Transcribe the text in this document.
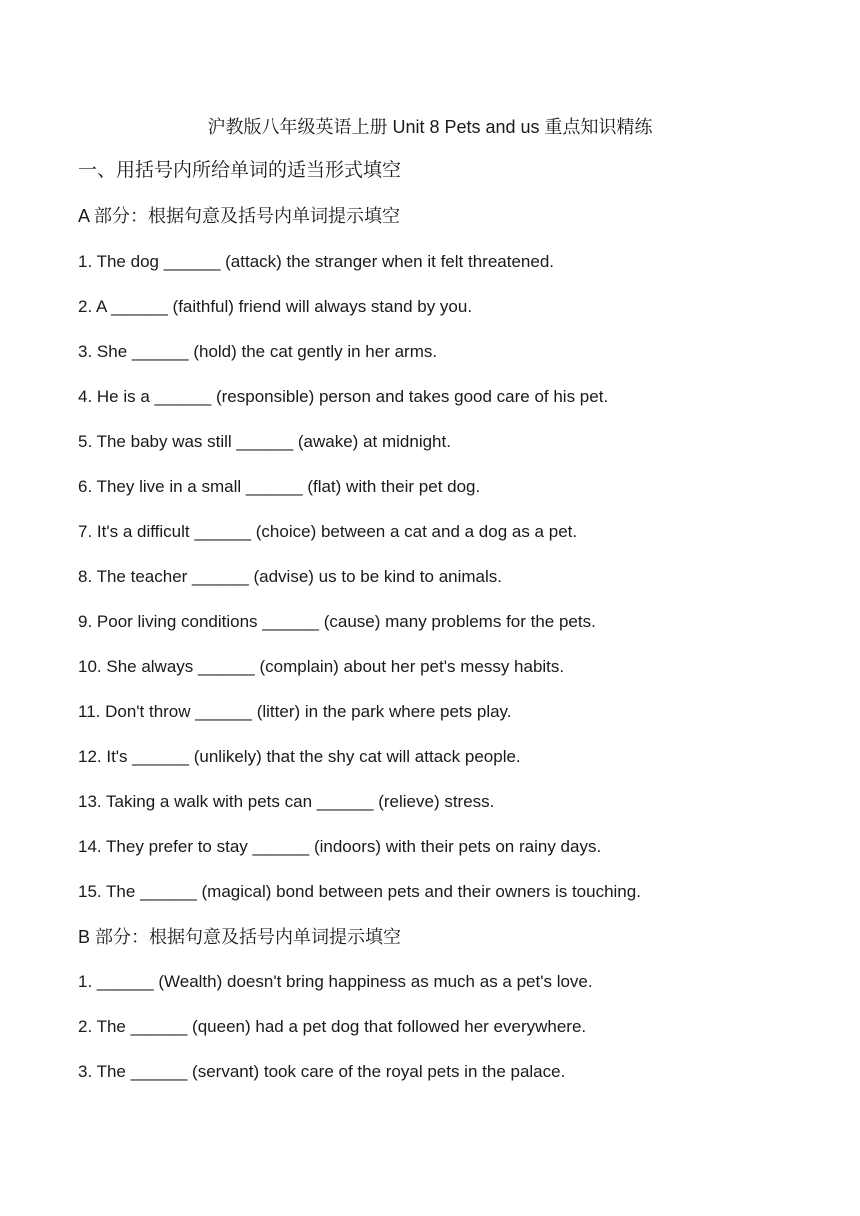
沪教版八年级英语上册 Unit 8 Pets and us 重点知识精练
一、用括号内所给单词的适当形式填空
A 部分：根据句意及括号内单词提示填空
1. The dog ______ (attack) the stranger when it felt threatened.
2. A ______ (faithful) friend will always stand by you.
3. She ______ (hold) the cat gently in her arms.
4. He is a ______ (responsible) person and takes good care of his pet.
5. The baby was still ______ (awake) at midnight.
6. They live in a small ______ (flat) with their pet dog.
7. It's a difficult ______ (choice) between a cat and a dog as a pet.
8. The teacher ______ (advise) us to be kind to animals.
9. Poor living conditions ______ (cause) many problems for the pets.
10. She always ______ (complain) about her pet's messy habits.
11. Don't throw ______ (litter) in the park where pets play.
12. It's ______ (unlikely) that the shy cat will attack people.
13. Taking a walk with pets can ______ (relieve) stress.
14. They prefer to stay ______ (indoors) with their pets on rainy days.
15. The ______ (magical) bond between pets and their owners is touching.
B 部分：根据句意及括号内单词提示填空
1. ______ (Wealth) doesn't bring happiness as much as a pet's love.
2. The ______ (queen) had a pet dog that followed her everywhere.
3. The ______ (servant) took care of the royal pets in the palace.
